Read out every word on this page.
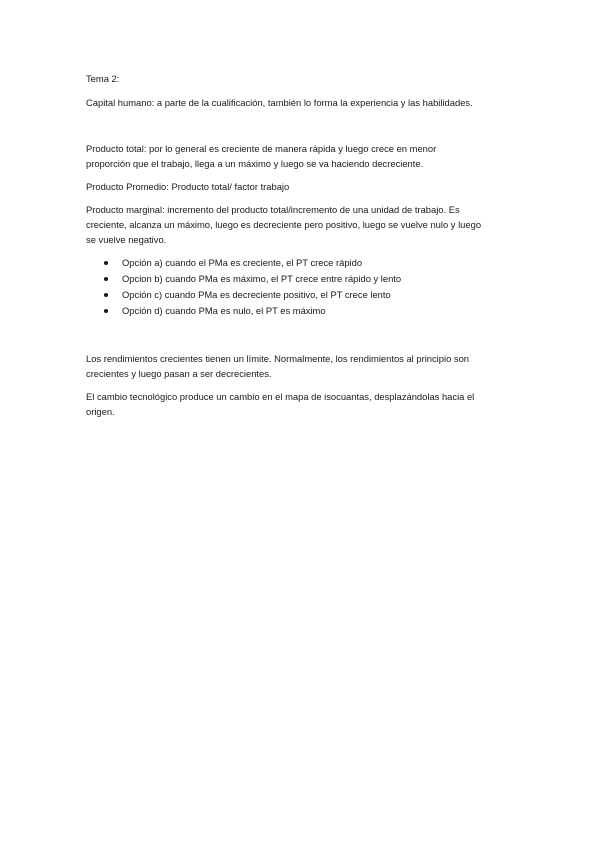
Tema 2:

Capital humano: a parte de la cualificación, también lo forma la experiencia y las habilidades.

Producto total: por lo general es creciente de manera rápida y luego crece en menor
proporción que el trabajo, llega a un máximo y luego se va haciendo decreciente.

Producto Promedio: Producto total/ factor trabajo

Producto marginal: incremento del producto total/incremento de una unidad de trabajo. Es
creciente, alcanza un máximo, luego es decreciente pero positivo, luego se vuelve nulo y luego
se vuelve negativo.

Opción a) cuando el PMa es creciente, el PT crece rápido
Opcion b) cuando PMa es máximo, el PT crece entre rápido y lento
Opción c) cuando PMa es decreciente positivo, el PT crece lento
Opción d) cuando PMa es nulo, el PT es máximo

Los rendimientos crecientes tienen un límite. Normalmente, los rendimientos al principio son
crecientes y luego pasan a ser decrecientes.

El cambio tecnológico produce un cambio en el mapa de isocuantas, desplazándolas hacia el
origen.
